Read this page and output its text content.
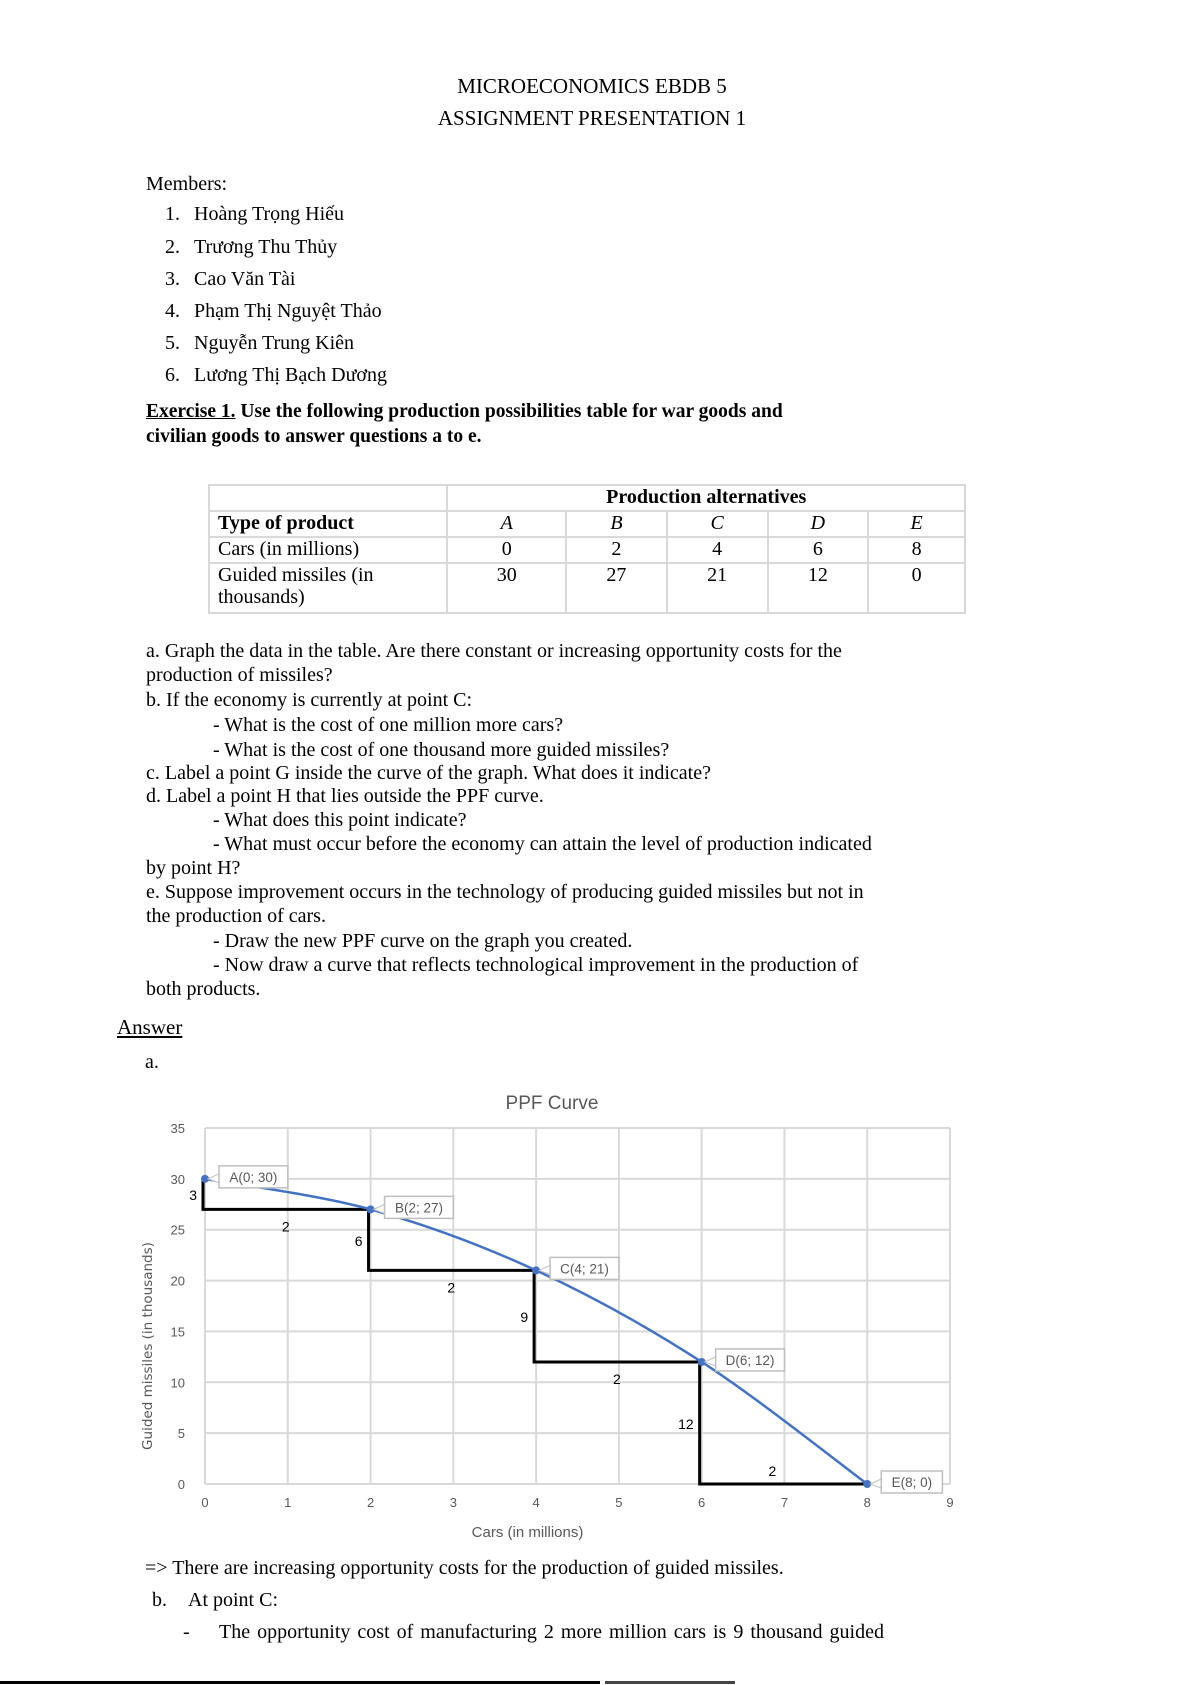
MICROECONOMICS EBDB 5
ASSIGNMENT PRESENTATION 1
Members:
1. Hoàng Trọng Hiếu
2. Trương Thu Thủy
3. Cao Văn Tài
4. Phạm Thị Nguyệt Thảo
5. Nguyễn Trung Kiên
6. Lương Thị Bạch Dương
Exercise 1. Use the following production possibilities table for war goods and
civilian goods to answer questions a to e.
	Production alternatives				
Type of product	A	B	C	D	E
Cars (in millions)	0	2	4	6	8
Guided missiles (in
thousands)	30	27	21	12	0
a. Graph the data in the table. Are there constant or increasing opportunity costs for the
production of missiles?
b. If the economy is currently at point C:
- What is the cost of one million more cars?
- What is the cost of one thousand more guided missiles?
c. Label a point G inside the curve of the graph. What does it indicate?
d. Label a point H that lies outside the PPF curve.
- What does this point indicate?
- What must occur before the economy can attain the level of production indicated
by point H?
e. Suppose improvement occurs in the technology of producing guided missiles but not in
the production of cars.
- Draw the new PPF curve on the graph you created.
- Now draw a curve that reflects technological improvement in the production of
both products.
Answer
a.
PPF Curve
0
5
10
15
20
25
30
35
0	1	2	3	4	5	6	7	8	9
Guided missiles (in thousands)
Cars (in millions)
3
2
6
2
9
2
12
2
A(0; 30)
B(2; 27)
C(4; 21)
D(6; 12)
E(8; 0)
=> There are increasing opportunity costs for the production of guided missiles.
b. At point C:
- The opportunity cost of manufacturing 2 more million cars is 9 thousand guided
